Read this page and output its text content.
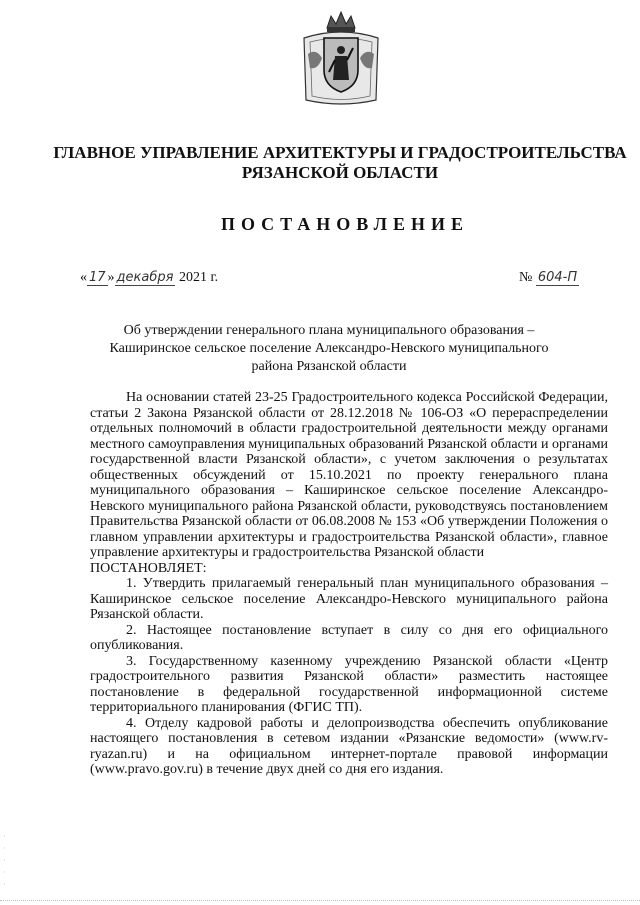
ГЛАВНОЕ УПРАВЛЕНИЕ АРХИТЕКТУРЫ И ГРАДОСТРОИТЕЛЬСТВА
РЯЗАНСКОЙ ОБЛАСТИ
ПОСТАНОВЛЕНИЕ
« 17 » декабря 2021 г.	№ 604-П
Об утверждении генерального плана муниципального образования – Каширинское сельское поселение Александро-Невского муниципального района Рязанской области

На основании статей 23-25 Градостроительного кодекса Российской Федерации, статьи 2 Закона Рязанской области от 28.12.2018 № 106-ОЗ «О перераспределении отдельных полномочий в области градостроительной деятельности между органами местного самоуправления муниципальных образований Рязанской области и органами государственной власти Рязанской области», с учетом заключения о результатах общественных обсуждений от 15.10.2021 по проекту генерального плана муниципального образования – Каширинское сельское поселение Александро-Невского муниципального района Рязанской области, руководствуясь постановлением Правительства Рязанской области от 06.08.2008 № 153 «Об утверждении Положения о главном управлении архитектуры и градостроительства Рязанской области», главное управление архитектуры и градостроительства Рязанской области

ПОСТАНОВЛЯЕТ:

1. Утвердить прилагаемый генеральный план муниципального образования – Каширинское сельское поселение Александро-Невского муниципального района Рязанской области.

2. Настоящее постановление вступает в силу со дня его официального опубликования.

3. Государственному казенному учреждению Рязанской области «Центр градостроительного развития Рязанской области» разместить настоящее постановление в федеральной государственной информационной системе территориального планирования (ФГИС ТП).

4. Отделу кадровой работы и делопроизводства обеспечить опубликование настоящего постановления в сетевом издании «Рязанские ведомости» (www.rv-ryazan.ru) и на официальном интернет-портале правовой информации (www.pravo.gov.ru) в течение двух дней со дня его издания.

·
·
·
·
·
